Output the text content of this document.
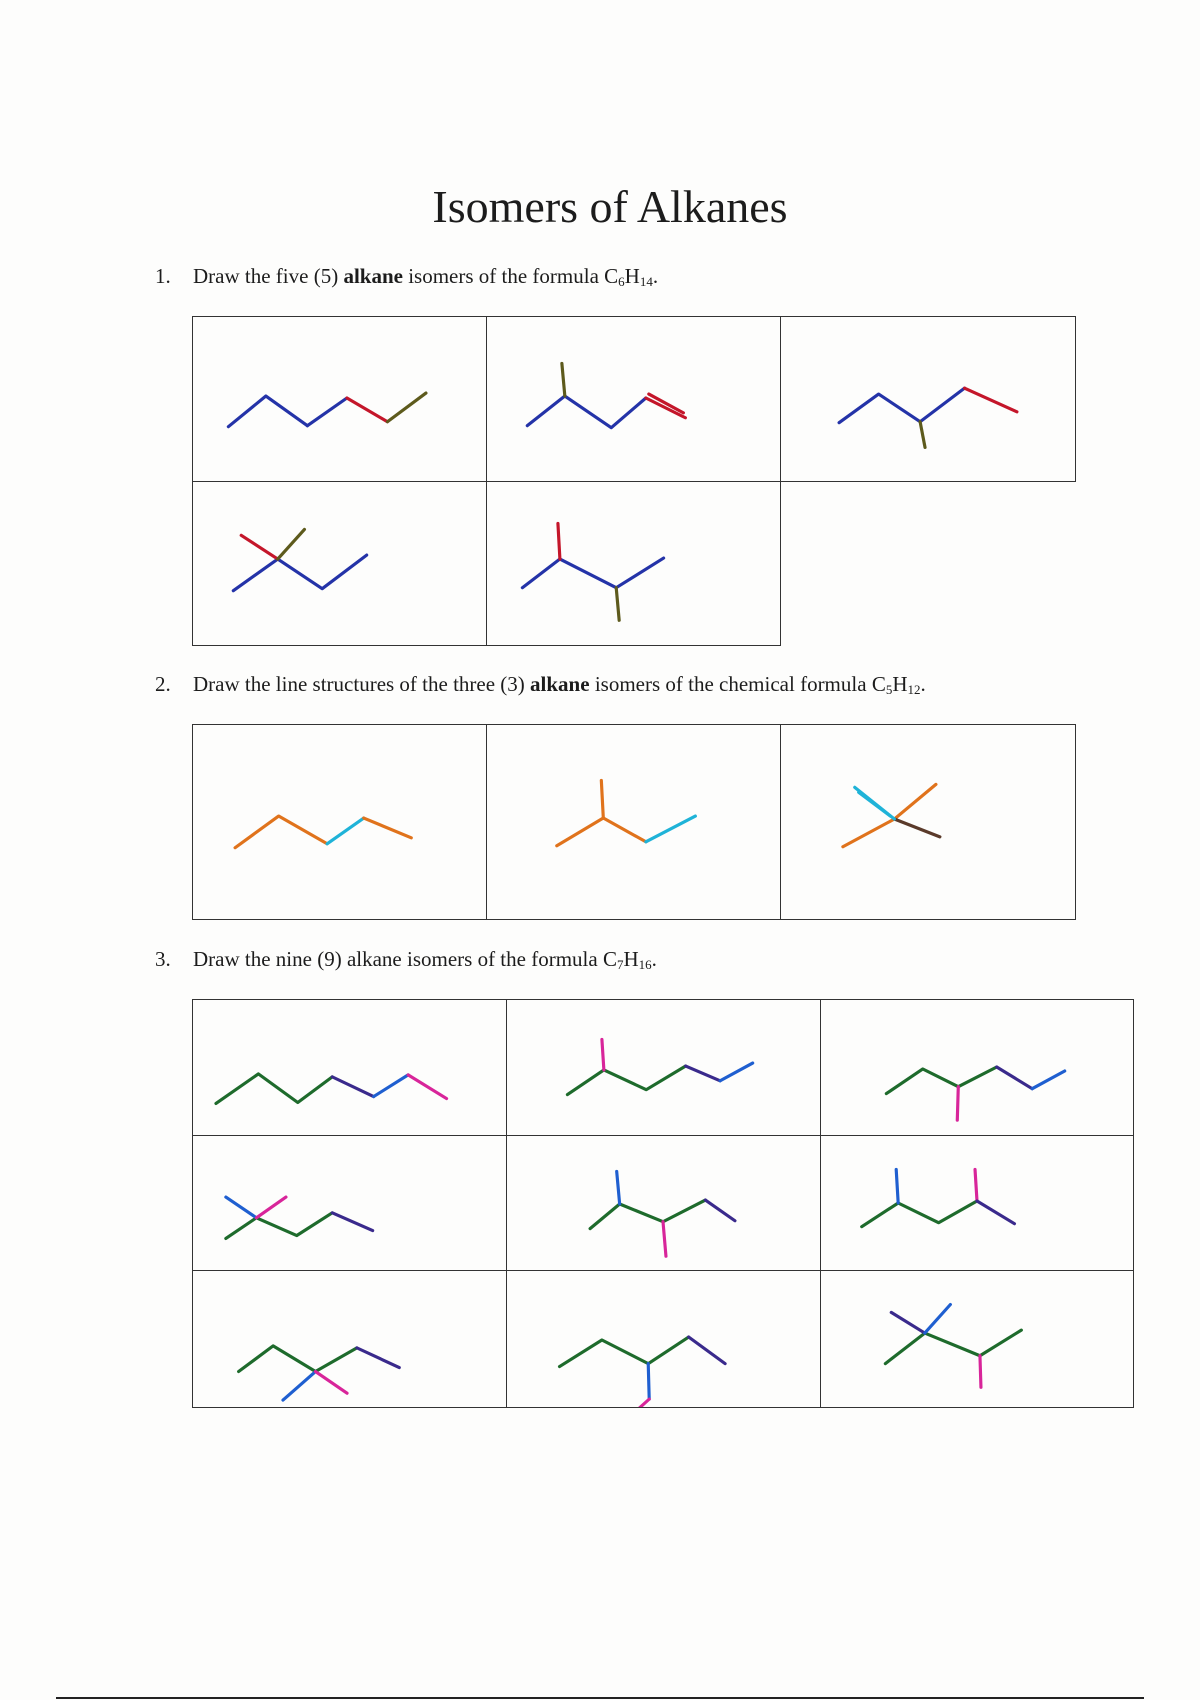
Isomers of Alkanes

1. Draw the five (5) alkane isomers of the formula $C_6H_{14}$.

2. Draw the line structures of the three (3) alkane isomers of the chemical formula $C_5H_{12}$.

3. Draw the nine (9) alkane isomers of the formula $C_7H_{16}$.
